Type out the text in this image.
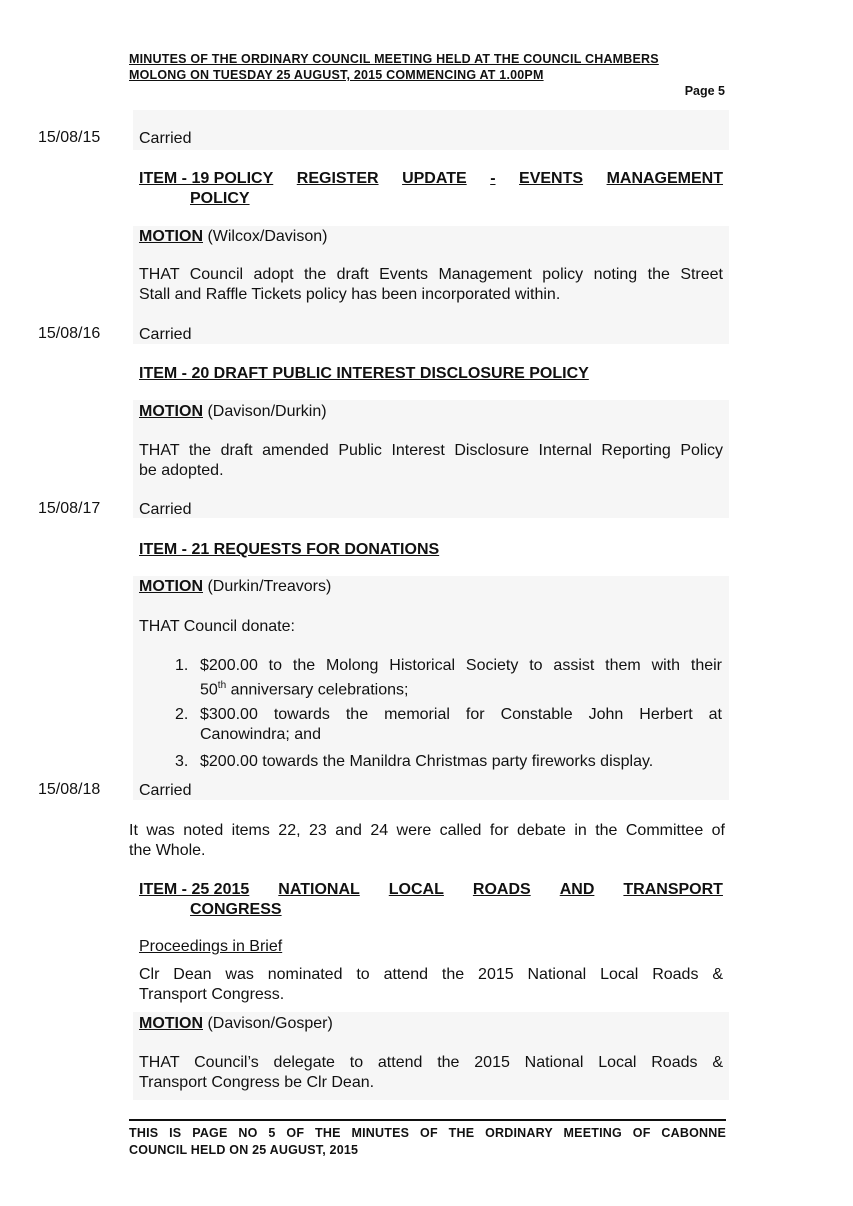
MINUTES OF THE ORDINARY COUNCIL MEETING HELD AT THE COUNCIL CHAMBERS
MOLONG ON TUESDAY 25 AUGUST, 2015 COMMENCING AT 1.00PM
Page 5
15/08/15 Carried
ITEM - 19 POLICY REGISTER UPDATE - EVENTS MANAGEMENT
POLICY
MOTION (Wilcox/Davison)
THAT Council adopt the draft Events Management policy noting the Street
Stall and Raffle Tickets policy has been incorporated within.
15/08/16 Carried
ITEM - 20 DRAFT PUBLIC INTEREST DISCLOSURE POLICY
MOTION (Davison/Durkin)
THAT the draft amended Public Interest Disclosure Internal Reporting Policy
be adopted.
15/08/17 Carried
ITEM - 21 REQUESTS FOR DONATIONS
MOTION (Durkin/Treavors)
THAT Council donate:
1. $200.00 to the Molong Historical Society to assist them with their
50th anniversary celebrations;
2. $300.00 towards the memorial for Constable John Herbert at
Canowindra; and
3. $200.00 towards the Manildra Christmas party fireworks display.
15/08/18 Carried
It was noted items 22, 23 and 24 were called for debate in the Committee of
the Whole.
ITEM - 25 2015 NATIONAL LOCAL ROADS AND TRANSPORT
CONGRESS
Proceedings in Brief
Clr Dean was nominated to attend the 2015 National Local Roads &
Transport Congress.
MOTION (Davison/Gosper)
THAT Council’s delegate to attend the 2015 National Local Roads &
Transport Congress be Clr Dean.
THIS IS PAGE NO 5 OF THE MINUTES OF THE ORDINARY MEETING OF CABONNE
COUNCIL HELD ON 25 AUGUST, 2015
